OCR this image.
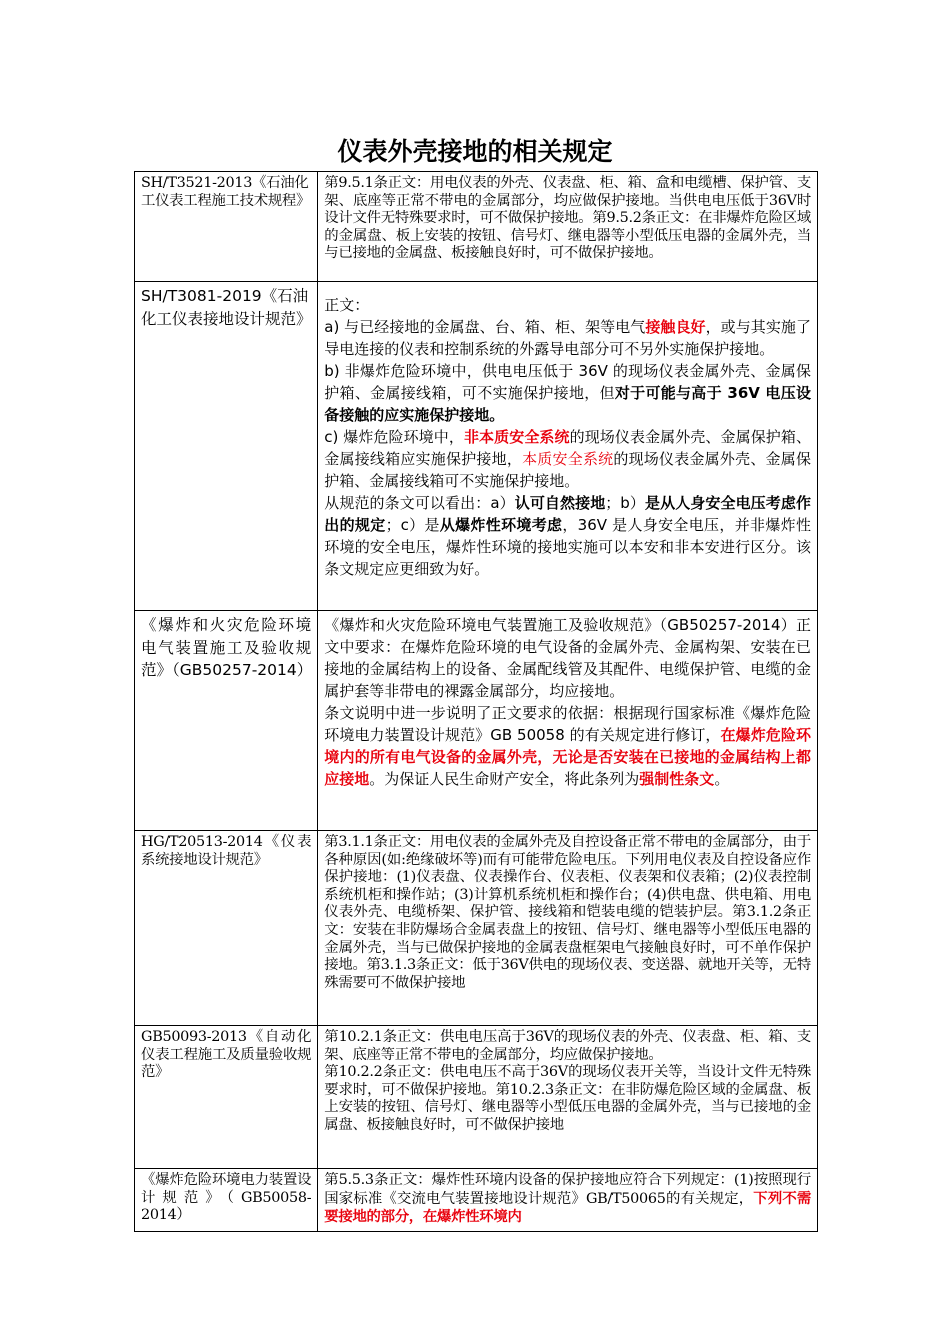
仪表外壳接地的相关规定
SH/T3521-2013《石油化工仪表工程施工技术规程》	第9.5.1条正文：用电仪表的外壳、仪表盘、柜、箱、盒和电缆槽、保护管、支架、底座等正常不带电的金属部分，均应做保护接地。当供电电压低于36V时设计文件无特殊要求时，可不做保护接地。第9.5.2条正文：在非爆炸危险区域的金属盘、板上安装的按钮、信号灯、继电器等小型低压电器的金属外壳，当与已接地的金属盘、板接触良好时，可不做保护接地。
SH/T3081-2019《石油化工仪表接地设计规范》	正文：

a) 与已经接地的金属盘、台、箱、柜、架等电气接触良好，或与其实施了导电连接的仪表和控制系统的外露导电部分可不另外实施保护接地。

b) 非爆炸危险环境中，供电电压低于 36V 的现场仪表金属外壳、金属保护箱、金属接线箱，可不实施保护接地，但对于可能与高于 36V 电压设备接触的应实施保护接地。

c) 爆炸危险环境中，非本质安全系统的现场仪表金属外壳、金属保护箱、金属接线箱应实施保护接地，本质安全系统的现场仪表金属外壳、金属保护箱、金属接线箱可不实施保护接地。

从规范的条文可以看出：a）认可自然接地；b）是从人身安全电压考虑作出的规定；c）是从爆炸性环境考虑，36V 是人身安全电压，并非爆炸性环境的安全电压，爆炸性环境的接地实施可以本安和非本安进行区分。该条文规定应更细致为好。

《爆炸和火灾危险环境电气装置施工及验收规范》（GB50257-2014）	《爆炸和火灾危险环境电气装置施工及验收规范》（GB50257-2014）正文中要求：在爆炸危险环境的电气设备的金属外壳、金属构架、安装在已接地的金属结构上的设备、金属配线管及其配件、电缆保护管、电缆的金属护套等非带电的裸露金属部分，均应接地。

条文说明中进一步说明了正文要求的依据：根据现行国家标准《爆炸危险环境电力装置设计规范》GB 50058 的有关规定进行修订，在爆炸危险环境内的所有电气设备的金属外壳，无论是否安装在已接地的金属结构上都应接地。为保证人民生命财产安全，将此条列为强制性条文。

HG/T20513-2014《仪表系统接地设计规范》	第3.1.1条正文：用电仪表的金属外壳及自控设备正常不带电的金属部分，由于各种原因(如:绝缘破坏等)而有可能带危险电压。下列用电仪表及自控设备应作保护接地：(1)仪表盘、仪表操作台、仪表柜、仪表架和仪表箱；(2)仪表控制系统机柜和操作站；(3)计算机系统机柜和操作台；(4)供电盘、供电箱、用电仪表外壳、电缆桥架、保护管、接线箱和铠装电缆的铠装护层。第3.1.2条正文：安装在非防爆场合金属表盘上的按钮、信号灯、继电器等小型低压电器的金属外壳，当与已做保护接地的金属表盘框架电气接触良好时，可不单作保护接地。第3.1.3条正文：低于36V供电的现场仪表、变送器、就地开关等，无特殊需要可不做保护接地
GB50093-2013《自动化仪表工程施工及质量验收规范》	第10.2.1条正文：供电电压高于36V的现场仪表的外壳、仪表盘、柜、箱、支架、底座等正常不带电的金属部分，均应做保护接地。

第10.2.2条正文：供电电压不高于36V的现场仪表开关等，当设计文件无特殊要求时，可不做保护接地。第10.2.3条正文：在非防爆危险区域的金属盘、板上安装的按钮、信号灯、继电器等小型低压电器的金属外壳，当与已接地的金属盘、板接触良好时，可不做保护接地

《爆炸危险环境电力装置设计规范》（GB50058-2014）	第5.5.3条正文：爆炸性环境内设备的保护接地应符合下列规定：(1)按照现行国家标准《交流电气装置接地设计规范》GB/T50065的有关规定，下列不需要接地的部分，在爆炸性环境内
